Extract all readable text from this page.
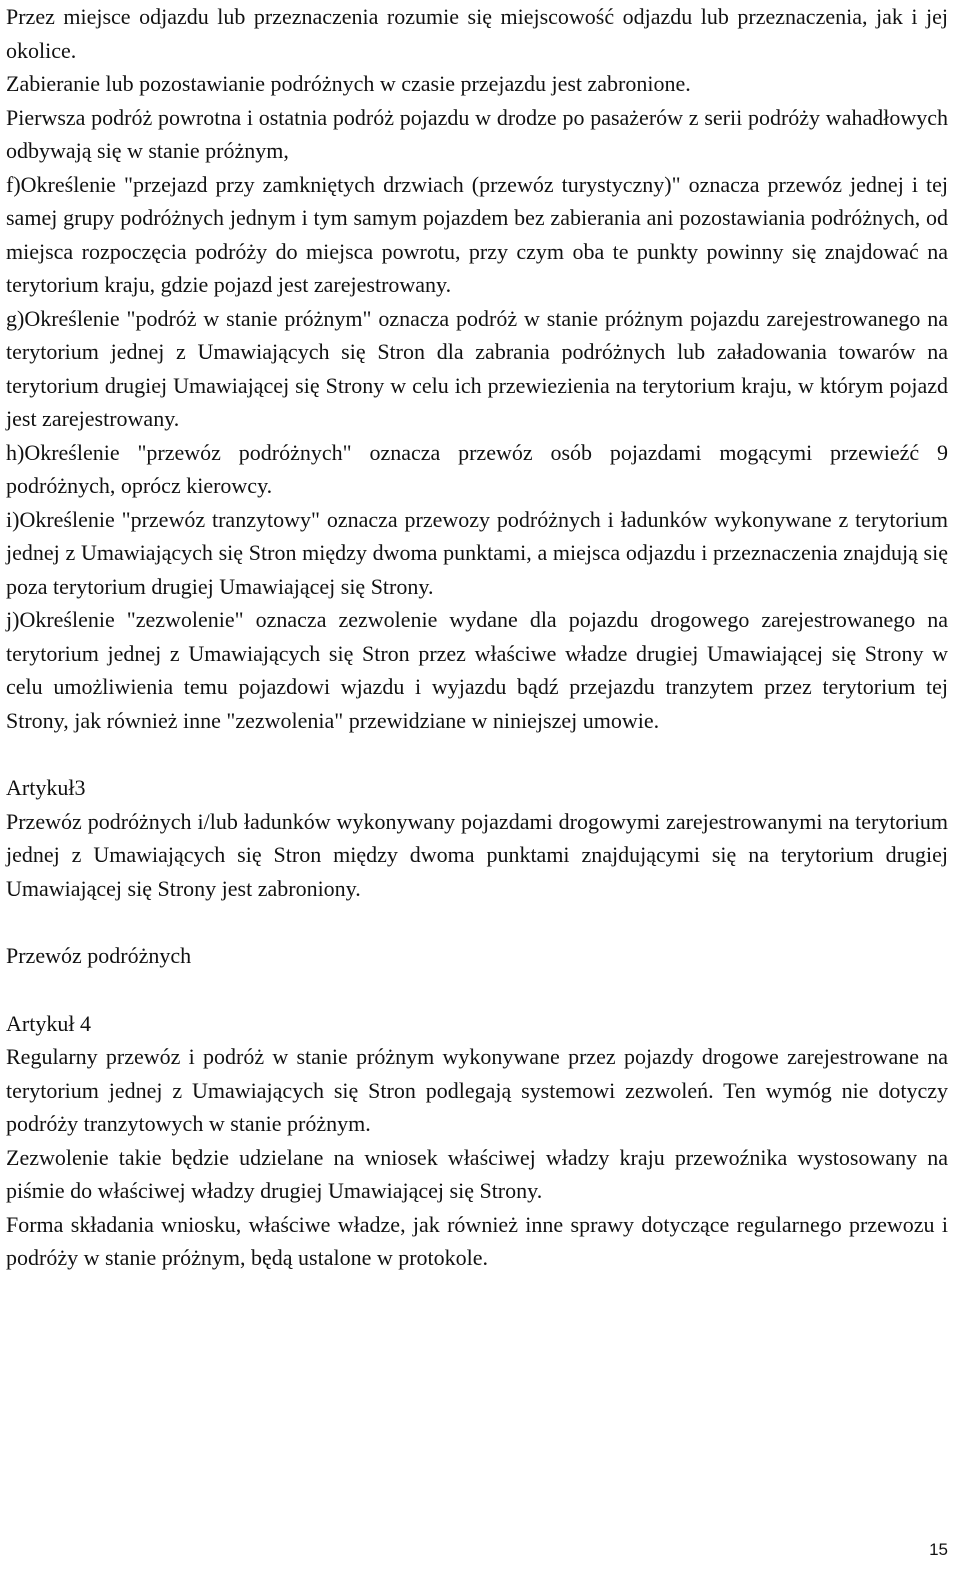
Przez miejsce odjazdu lub przeznaczenia rozumie się miejscowość odjazdu lub przeznaczenia, jak i jej okolice.

Zabieranie lub pozostawianie podróżnych w czasie przejazdu jest zabronione.

Pierwsza podróż powrotna i ostatnia podróż pojazdu w drodze po pasażerów z serii podróży wahadłowych odbywają się w stanie próżnym,

f)Określenie "przejazd przy zamkniętych drzwiach (przewóz turystyczny)" oznacza przewóz jednej i tej samej grupy podróżnych jednym i tym samym pojazdem bez zabierania ani pozostawiania podróżnych, od miejsca rozpoczęcia podróży do miejsca powrotu, przy czym oba te punkty powinny się znajdować na terytorium kraju, gdzie pojazd jest zarejestrowany.

g)Określenie "podróż w stanie próżnym" oznacza podróż w stanie próżnym pojazdu zarejestrowanego na terytorium jednej z Umawiających się Stron dla zabrania podróżnych lub załadowania towarów na terytorium drugiej Umawiającej się Strony w celu ich przewiezienia na terytorium kraju, w którym pojazd jest zarejestrowany.

h)Określenie "przewóz podróżnych" oznacza przewóz osób pojazdami mogącymi przewieźć 9 podróżnych, oprócz kierowcy.

i)Określenie "przewóz tranzytowy" oznacza przewozy podróżnych i ładunków wykonywane z terytorium jednej z Umawiających się Stron między dwoma punktami, a miejsca odjazdu i przeznaczenia znajdują się poza terytorium drugiej Umawiającej się Strony.

j)Określenie "zezwolenie" oznacza zezwolenie wydane dla pojazdu drogowego zarejestrowanego na terytorium jednej z Umawiających się Stron przez właściwe władze drugiej Umawiającej się Strony w celu umożliwienia temu pojazdowi wjazdu i wyjazdu bądź przejazdu tranzytem przez terytorium tej Strony, jak również inne "zezwolenia" przewidziane w niniejszej umowie.

Artykuł3

Przewóz podróżnych i/lub ładunków wykonywany pojazdami drogowymi zarejestrowanymi na terytorium jednej z Umawiających się Stron między dwoma punktami znajdującymi się na terytorium drugiej Umawiającej się Strony jest zabroniony.

Przewóz podróżnych

Artykuł 4

Regularny przewóz i podróż w stanie próżnym wykonywane przez pojazdy drogowe zarejestrowane na terytorium jednej z Umawiających się Stron podlegają systemowi zezwoleń. Ten wymóg nie dotyczy podróży tranzytowych w stanie próżnym.

Zezwolenie takie będzie udzielane na wniosek właściwej władzy kraju przewoźnika wystosowany na piśmie do właściwej władzy drugiej Umawiającej się Strony.

Forma składania wniosku, właściwe władze, jak również inne sprawy dotyczące regularnego przewozu i podróży w stanie próżnym, będą ustalone w protokole.

15
